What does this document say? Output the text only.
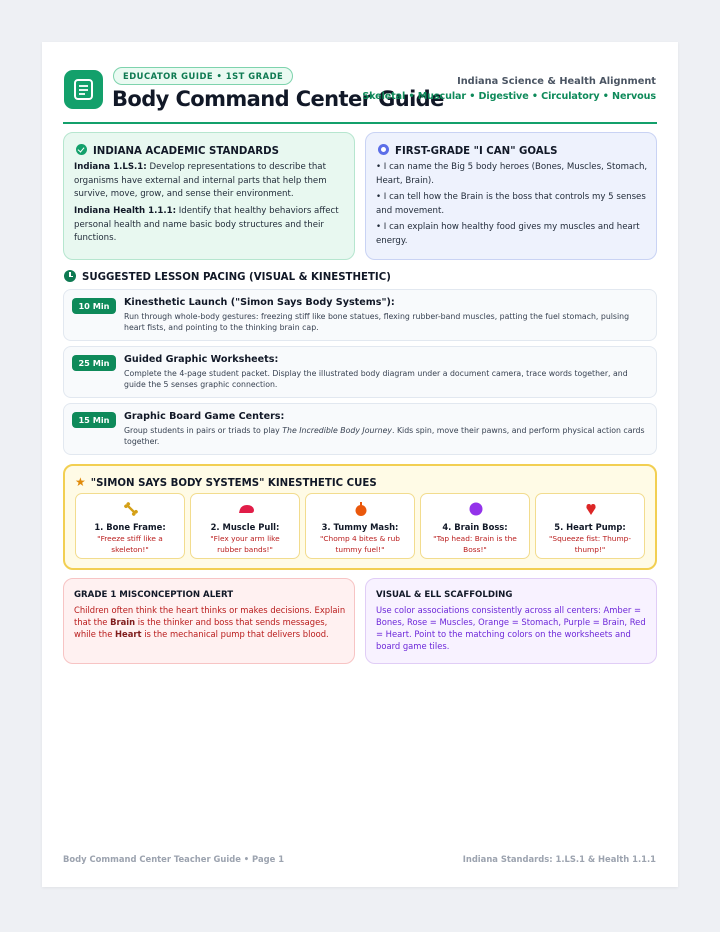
EDUCATOR GUIDE • 1ST GRADE
Body Command Center Guide
Indiana Science & Health Alignment
Skeletal • Muscular • Digestive • Circulatory • Nervous
INDIANA ACADEMIC STANDARDS
Indiana 1.LS.1: Develop representations to describe that organisms have external and internal parts that help them survive, move, grow, and sense their environment.
Indiana Health 1.1.1: Identify that healthy behaviors affect personal health and name basic body structures and their functions.
FIRST-GRADE "I CAN" GOALS
• I can name the Big 5 body heroes (Bones, Muscles, Stomach, Heart, Brain).
• I can tell how the Brain is the boss that controls my 5 senses and movement.
• I can explain how healthy food gives my muscles and heart energy.
SUGGESTED LESSON PACING (VISUAL & KINESTHETIC)
10 Min	Kinesthetic Launch ("Simon Says Body Systems"):
Run through whole-body gestures: freezing stiff like bone statues, flexing rubber-band muscles, patting the fuel stomach, pulsing heart fists, and pointing to the thinking brain cap.
25 Min	Guided Graphic Worksheets:
Complete the 4-page student packet. Display the illustrated body diagram under a document camera, trace words together, and guide the 5 senses graphic connection.
15 Min	Graphic Board Game Centers:
Group students in pairs or triads to play The Incredible Body Journey. Kids spin, move their pawns, and perform physical action cards together.
★ "SIMON SAYS BODY SYSTEMS" KINESTHETIC CUES
1. Bone Frame:
"Freeze stiff like a skeleton!"
2. Muscle Pull:
"Flex your arm like rubber bands!"
3. Tummy Mash:
"Chomp 4 bites & rub tummy fuel!"
4. Brain Boss:
"Tap head: Brain is the Boss!"
5. Heart Pump:
"Squeeze fist: Thump-thump!"
GRADE 1 MISCONCEPTION ALERT
Children often think the heart thinks or makes decisions. Explain that the Brain is the thinker and boss that sends messages, while the Heart is the mechanical pump that delivers blood.
VISUAL & ELL SCAFFOLDING
Use color associations consistently across all centers: Amber = Bones, Rose = Muscles, Orange = Stomach, Purple = Brain, Red = Heart. Point to the matching colors on the worksheets and board game tiles.
Body Command Center Teacher Guide • Page 1	Indiana Standards: 1.LS.1 & Health 1.1.1
